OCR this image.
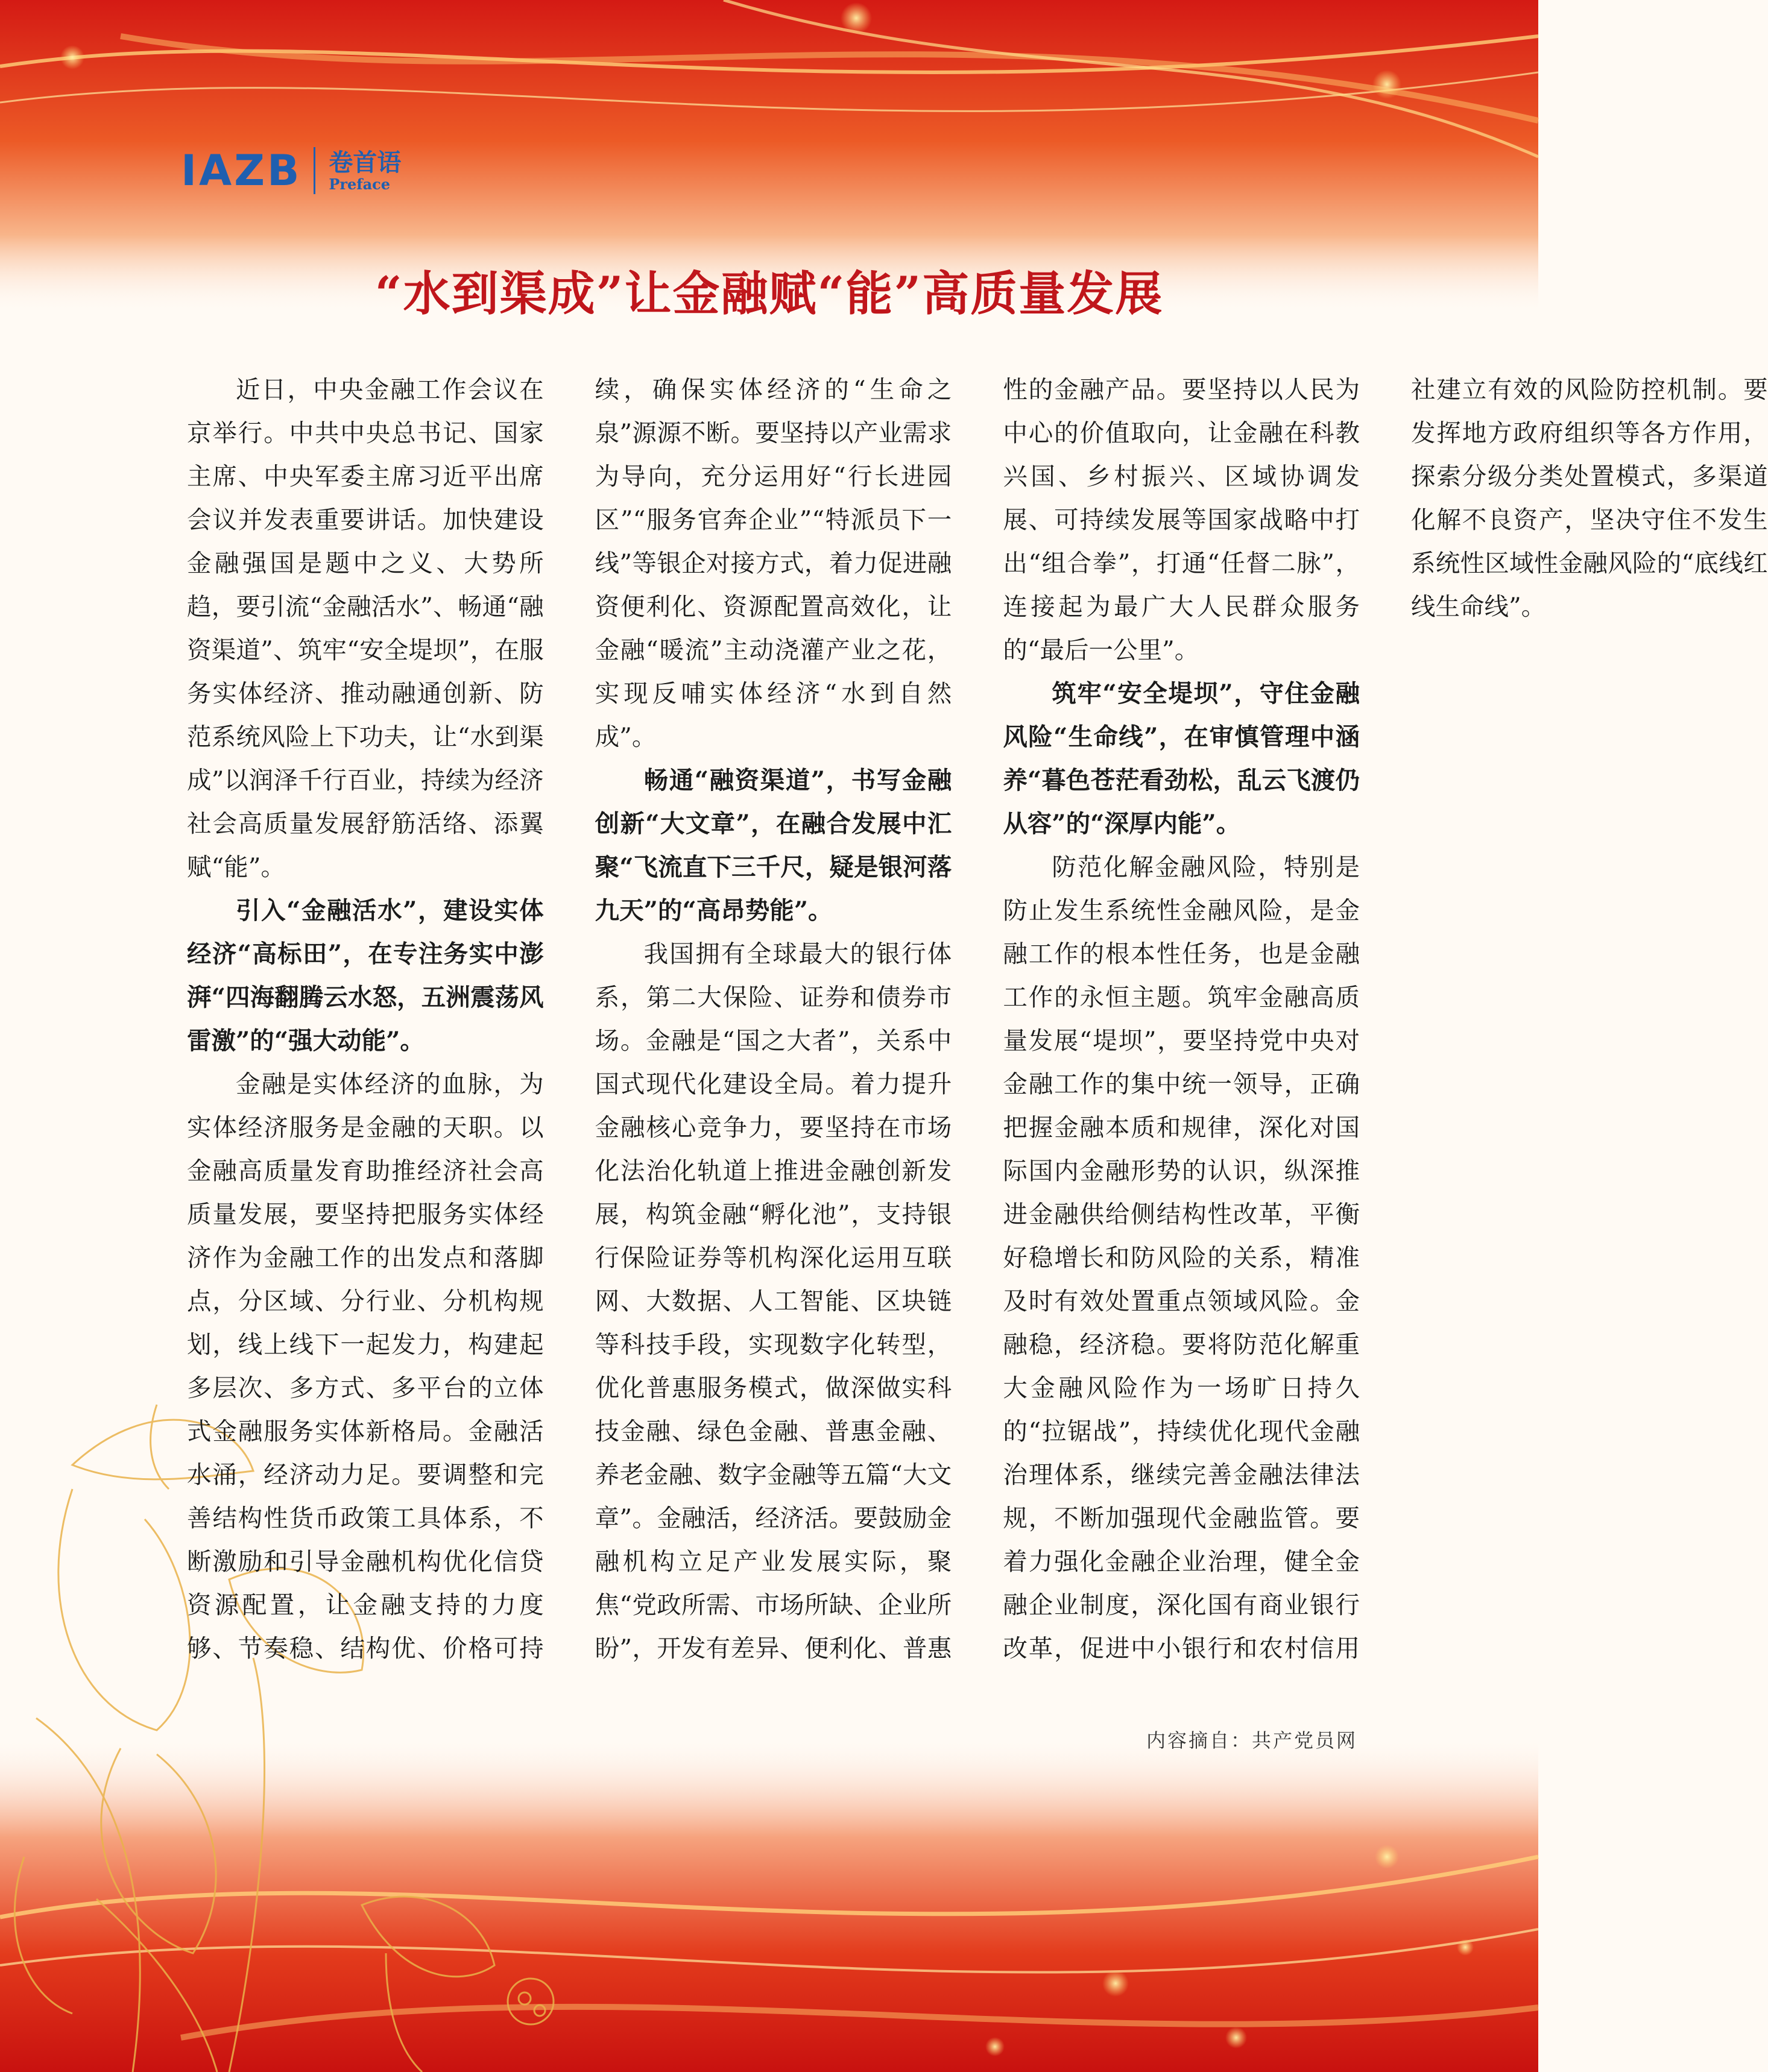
IAZB 卷首语
Preface
“水到渠成”让金融赋“能”高质量发展

近日，中央金融工作会议在京举行。中共中央总书记、国家主席、中央军委主席习近平出席会议并发表重要讲话。加快建设金融强国是题中之义、大势所趋，要引流“金融活水”、畅通“融资渠道”、筑牢“安全堤坝”，在服务实体经济、推动融通创新、防范系统风险上下功夫，让“水到渠成”以润泽千行百业，持续为经济社会高质量发展舒筋活络、添翼赋“能”。

引入“金融活水”，建设实体经济“高标田”，在专注务实中澎湃“四海翻腾云水怒，五洲震荡风雷激”的“强大动能”。

金融是实体经济的血脉，为实体经济服务是金融的天职。以金融高质量发育助推经济社会高质量发展，要坚持把服务实体经济作为金融工作的出发点和落脚点，分区域、分行业、分机构规划，线上线下一起发力，构建起多层次、多方式、多平台的立体式金融服务实体新格局。金融活水涌，经济动力足。要调整和完善结构性货币政策工具体系，不断激励和引导金融机构优化信贷资源配置，让金融支持的力度够、节奏稳、结构优、价格可持续，确保实体经济的“生命之泉”源源不断。要坚持以产业需求为导向，充分运用好“行长进园区”“服务官奔企业”“特派员下一线”等银企对接方式，着力促进融资便利化、资源配置高效化，让金融“暖流”主动浇灌产业之花，实现反哺实体经济“水到自然成”。

畅通“融资渠道”，书写金融创新“大文章”，在融合发展中汇聚“飞流直下三千尺，疑是银河落九天”的“高昂势能”。

我国拥有全球最大的银行体系，第二大保险、证券和债券市场。金融是“国之大者”，关系中国式现代化建设全局。着力提升金融核心竞争力，要坚持在市场化法治化轨道上推进金融创新发展，构筑金融“孵化池”，支持银行保险证券等机构深化运用互联网、大数据、人工智能、区块链等科技手段，实现数字化转型，优化普惠服务模式，做深做实科技金融、绿色金融、普惠金融、养老金融、数字金融等五篇“大文章”。金融活，经济活。要鼓励金融机构立足产业发展实际，聚焦“党政所需、市场所缺、企业所盼”，开发有差异、便利化、普惠性的金融产品。要坚持以人民为中心的价值取向，让金融在科教兴国、乡村振兴、区域协调发展、可持续发展等国家战略中打出“组合拳”，打通“任督二脉”，连接起为最广大人民群众服务的“最后一公里”。

筑牢“安全堤坝”，守住金融风险“生命线”，在审慎管理中涵养“暮色苍茫看劲松，乱云飞渡仍从容”的“深厚内能”。

防范化解金融风险，特别是防止发生系统性金融风险，是金融工作的根本性任务，也是金融工作的永恒主题。筑牢金融高质量发展“堤坝”，要坚持党中央对金融工作的集中统一领导，正确把握金融本质和规律，深化对国际国内金融形势的认识，纵深推进金融供给侧结构性改革，平衡好稳增长和防风险的关系，精准及时有效处置重点领域风险。金融稳，经济稳。要将防范化解重大金融风险作为一场旷日持久的“拉锯战”，持续优化现代金融治理体系，继续完善金融法律法规，不断加强现代金融监管。要着力强化金融企业治理，健全金融企业制度，深化国有商业银行改革，促进中小银行和农村信用社建立有效的风险防控机制。要发挥地方政府组织等各方作用，探索分级分类处置模式，多渠道化解不良资产，坚决守住不发生系统性区域性金融风险的“底线红线生命线”。

内容摘自：共产党员网
